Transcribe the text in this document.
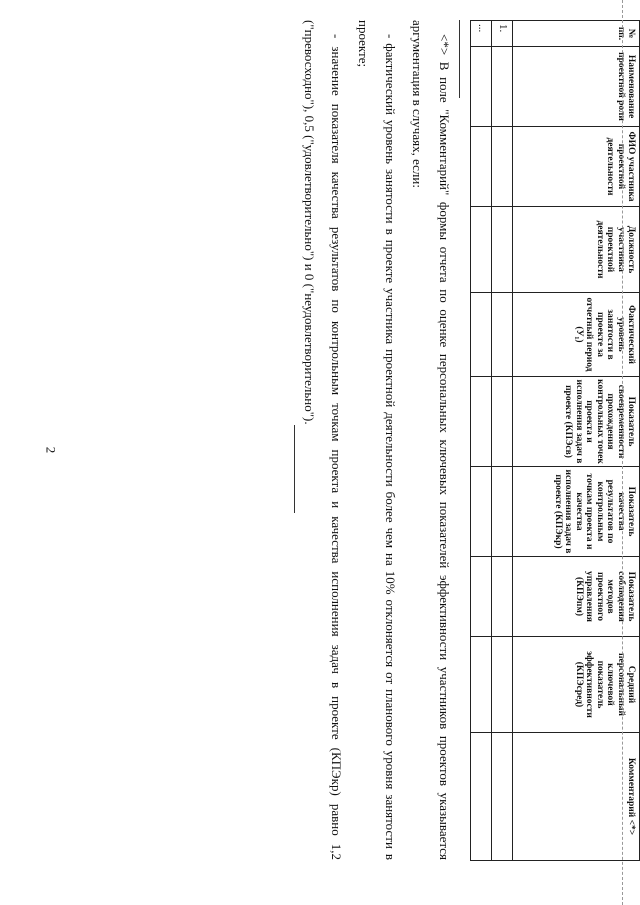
2
№ пп.	Наименование проектной роли	ФИО участника проектной деятельности	Должность участника проектной деятельности	Фактический уровень занятости в проекте за отчетный период (У₁)	Показатель своевременности прохождения контрольных точек проекта и исполнения задач в проекте (КПЭсв)	Показатель качества результатов по контрольным точкам проекта и качества исполнения задач в проекте (КПЭкр)	Показатель соблюдения методов проектного управления (КПЭпм)	Средний персональный ключевой показатель эффективности (КПЭсред)	Комментарий <*>
1.									
...									

<*> В поле "Комментарий" формы отчета по оценке персональных ключевых показателей эффективности участников проектов указывается аргументация в случаях, если:

- фактический уровень занятости в проекте участника проектной деятельности более чем на 10% отклоняется от планового уровня занятости в проекте;

- значение показателя качества результатов по контрольным точкам проекта и качества исполнения задач в проекте (КПЭкр) равно 1,2 ("превосходно"), 0,5 ("удовлетворительно") и 0 ("неудовлетворительно").
